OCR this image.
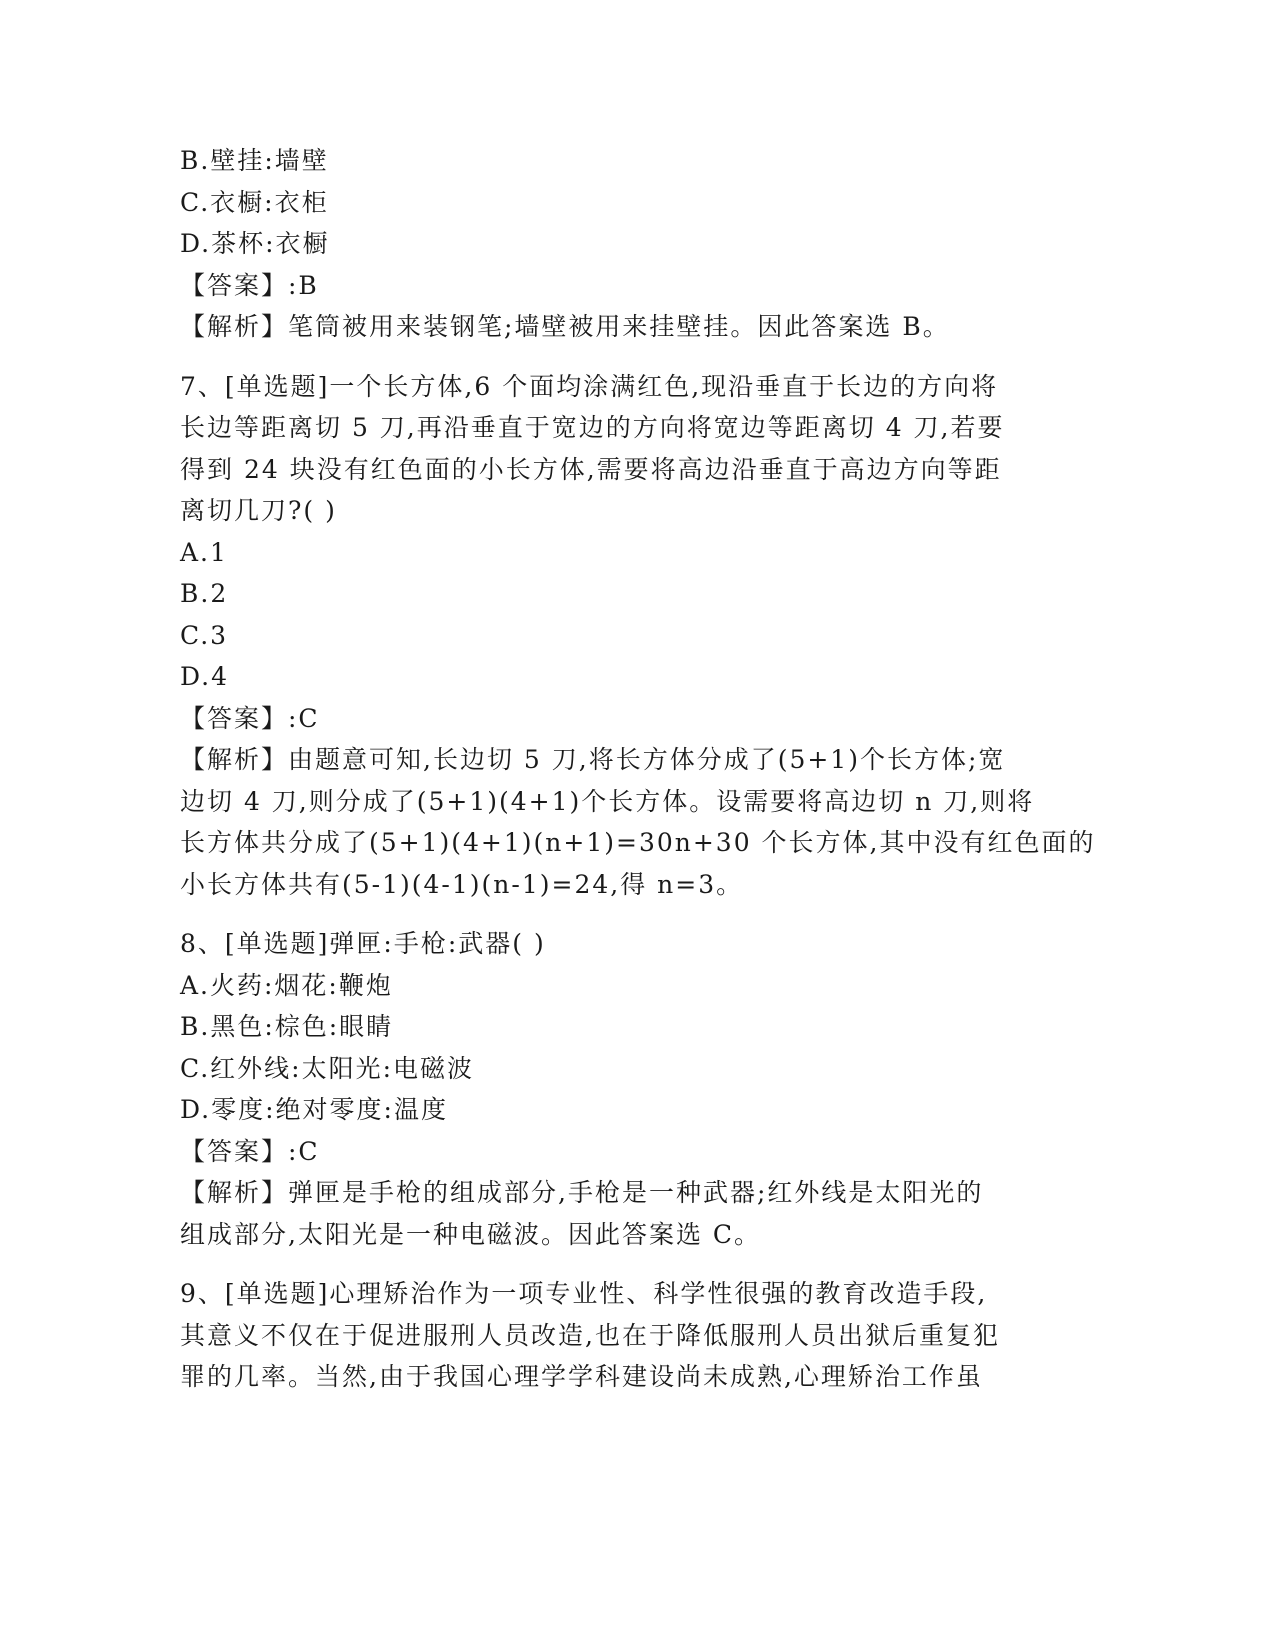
B.壁挂:墙壁
C.衣橱:衣柜
D.茶杯:衣橱
【答案】:B
【解析】笔筒被用来装钢笔;墙壁被用来挂壁挂。因此答案选 B。
7、[单选题]一个长方体,6 个面均涂满红色,现沿垂直于长边的方向将
长边等距离切 5 刀,再沿垂直于宽边的方向将宽边等距离切 4 刀,若要
得到 24 块没有红色面的小长方体,需要将高边沿垂直于高边方向等距
离切几刀?( )
A.1
B.2
C.3
D.4
【答案】:C
【解析】由题意可知,长边切 5 刀,将长方体分成了(5+1)个长方体;宽
边切 4 刀,则分成了(5+1)(4+1)个长方体。设需要将高边切 n 刀,则将
长方体共分成了(5+1)(4+1)(n+1)=30n+30 个长方体,其中没有红色面的
小长方体共有(5-1)(4-1)(n-1)=24,得 n=3。
8、[单选题]弹匣:手枪:武器( )
A.火药:烟花:鞭炮
B.黑色:棕色:眼睛
C.红外线:太阳光:电磁波
D.零度:绝对零度:温度
【答案】:C
【解析】弹匣是手枪的组成部分,手枪是一种武器;红外线是太阳光的
组成部分,太阳光是一种电磁波。因此答案选 C。
9、[单选题]心理矫治作为一项专业性、科学性很强的教育改造手段,
其意义不仅在于促进服刑人员改造,也在于降低服刑人员出狱后重复犯
罪的几率。当然,由于我国心理学学科建设尚未成熟,心理矫治工作虽
